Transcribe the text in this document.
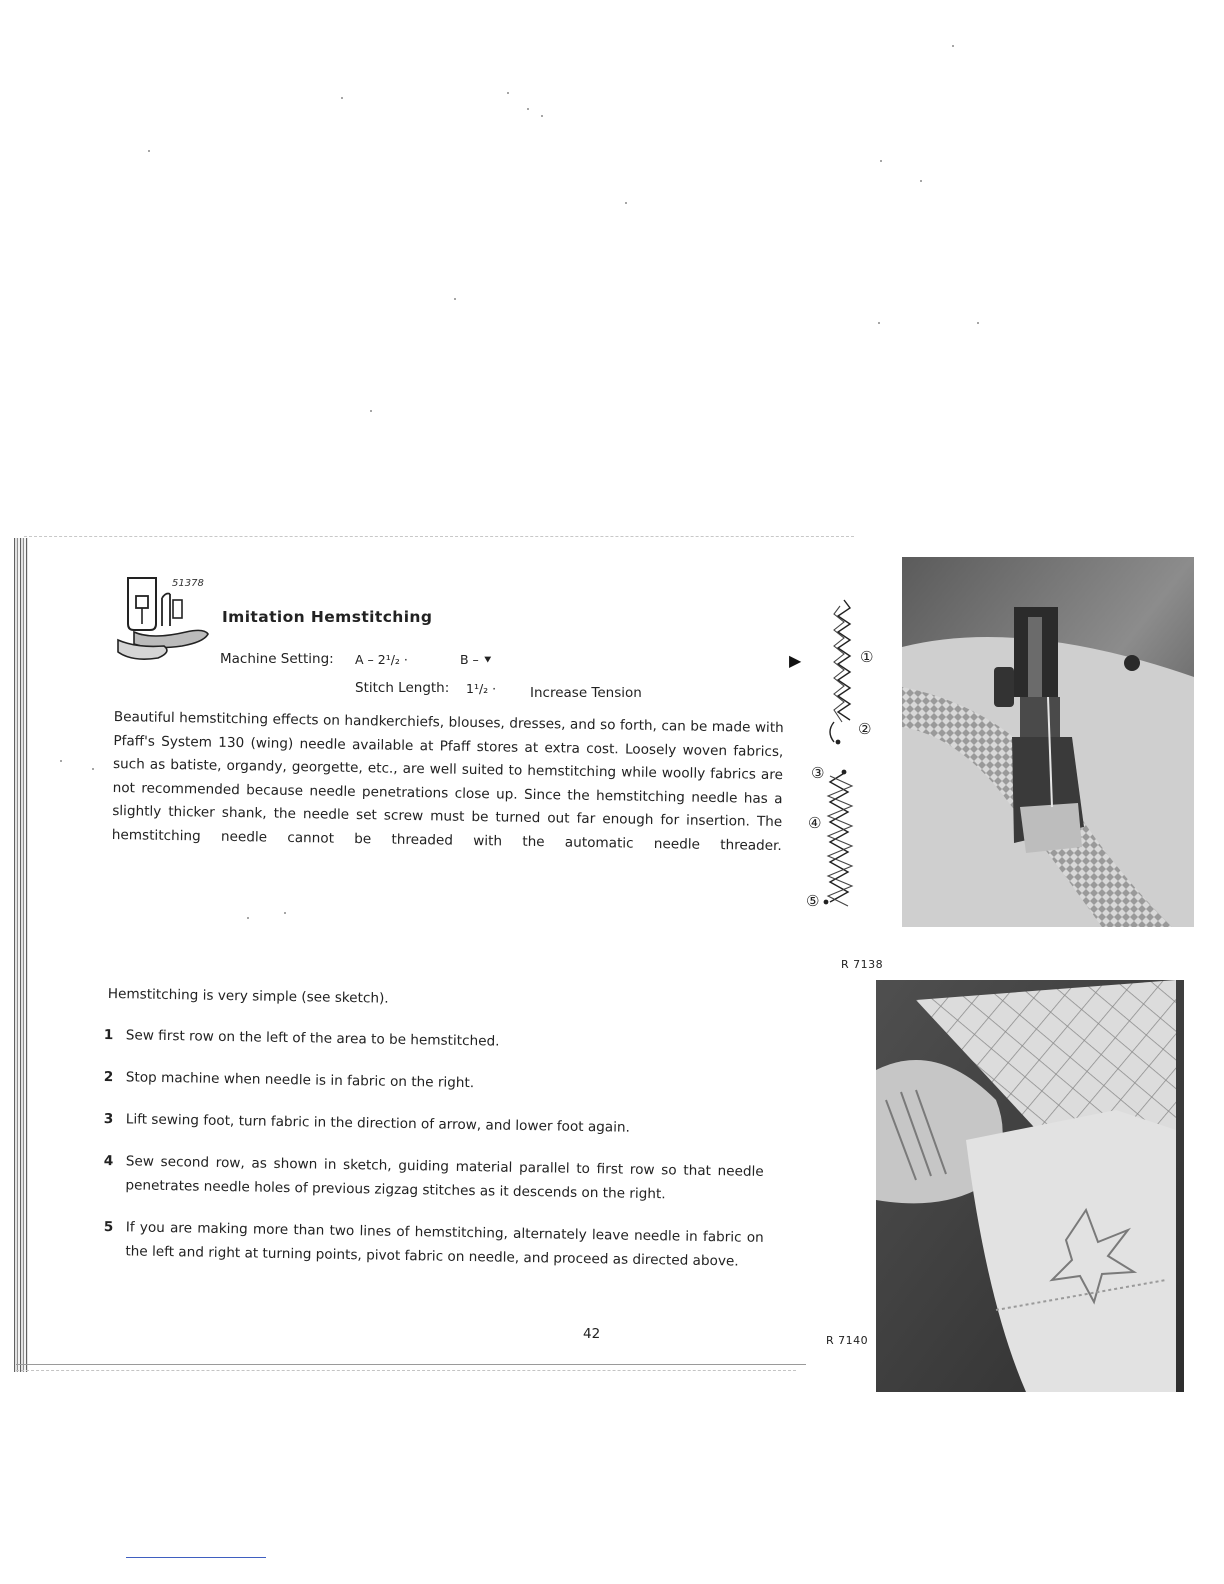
51378
Imitation Hemstitching
Machine Setting: A – 2¹/₂ ·	B – ⯆
Stitch Length: 1¹/₂ ·	Increase Tension

Beautiful hemstitching effects on handkerchiefs, blouses, dresses, and so forth, can be made with Pfaff's System 130 (wing) needle available at Pfaff stores at extra cost. Loosely woven fabrics, such as batiste, organdy, georgette, etc., are well suited to hemstitching while woolly fabrics are not recommended because needle penetrations close up. Since the hemstitching needle has a slightly thicker shank, the needle set screw must be turned out far enough for insertion. The hemstitching needle cannot be threaded with the automatic needle threader.

▶	①
②
③
④
⑤
R 7138
R 7140
Hemstitching is very simple (see sketch).
1 Sew first row on the left of the area to be hemstitched.
2 Stop machine when needle is in fabric on the right.
3 Lift sewing foot, turn fabric in the direction of arrow, and lower foot again.
4 Sew second row, as shown in sketch, guiding material parallel to first row so that needle penetrates needle holes of previous zigzag stitches as it descends on the right.
5 If you are making more than two lines of hemstitching, alternately leave needle in fabric on the left and right at turning points, pivot fabric on needle, and proceed as directed above.
42
